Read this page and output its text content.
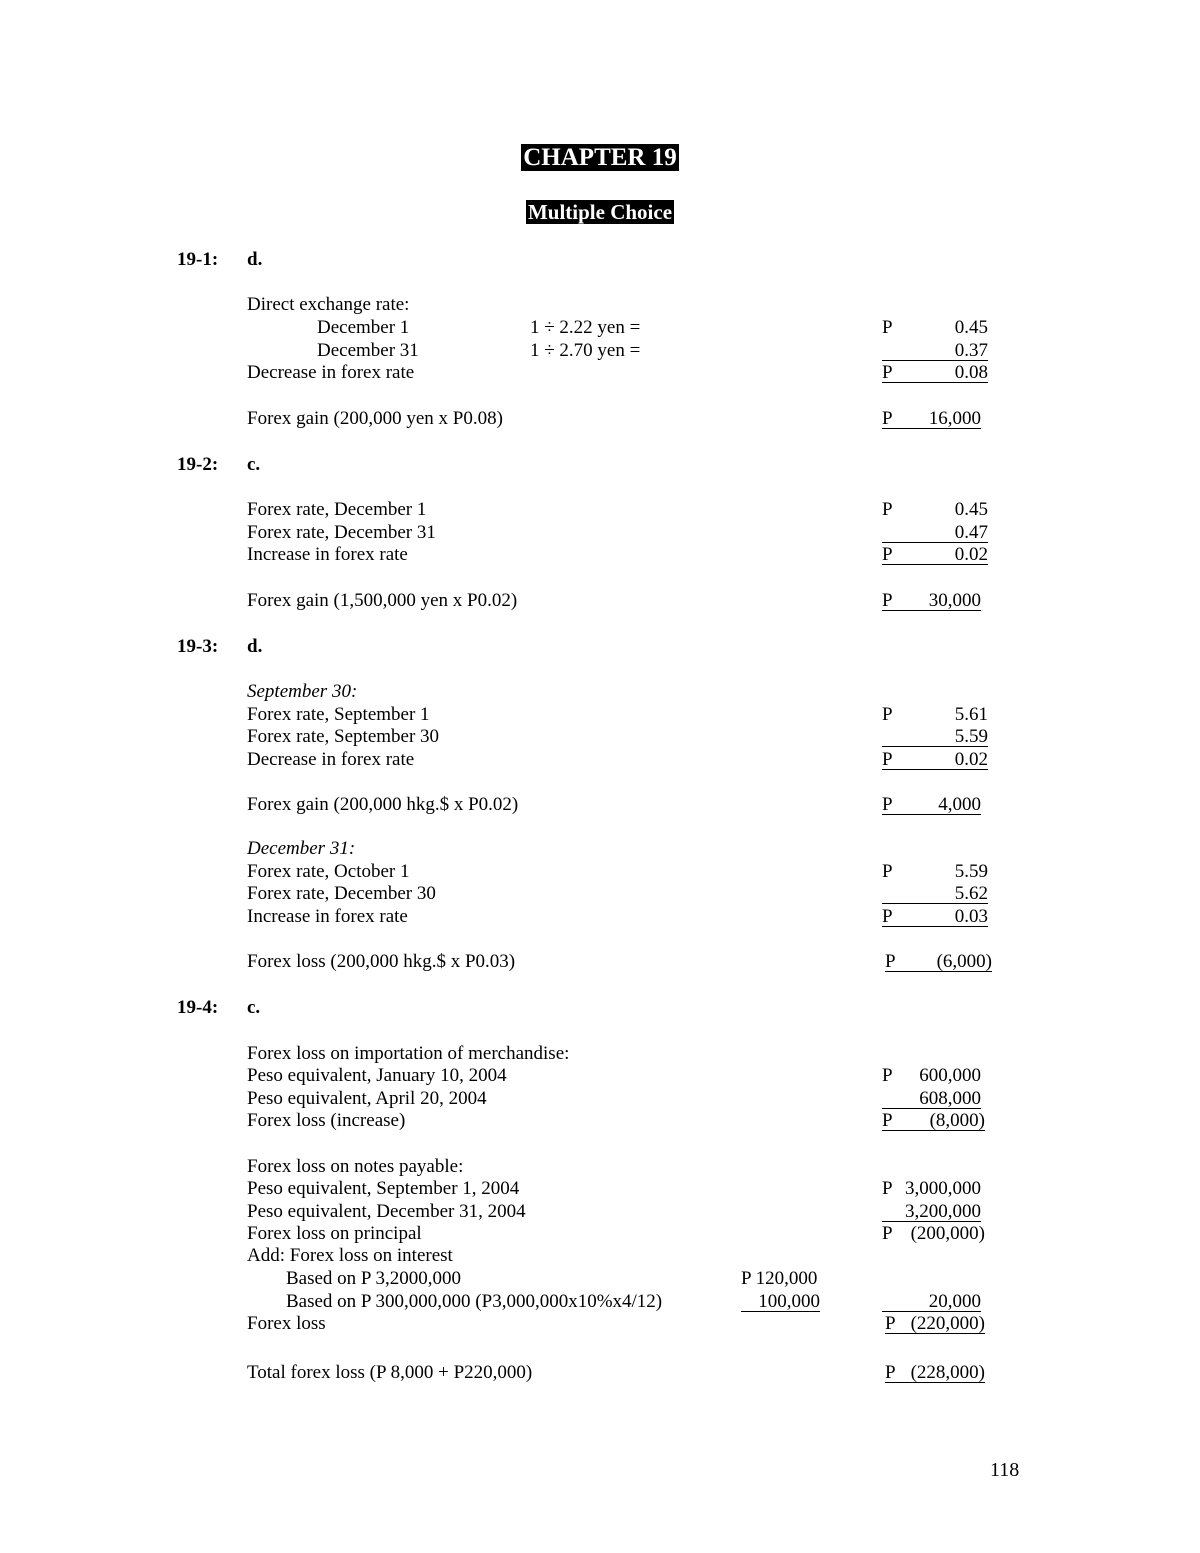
CHAPTER 19
Multiple Choice
19-1: d.
Direct exchange rate:
December 1	1 ÷ 2.22 yen =	P	0.45
December 31	1 ÷ 2.70 yen =	0.37
Decrease in forex rate	P	0.08
Forex gain (200,000 yen x P0.08)	P 16,000
19-2: c.
Forex rate, December 1	P	0.45
Forex rate, December 31	0.47
Increase in forex rate	P	0.02
Forex gain (1,500,000 yen x P0.02)	P 30,000
19-3: d.
September 30:
Forex rate, September 1	P	5.61
Forex rate, September 30	5.59
Decrease in forex rate	P	0.02
Forex gain (200,000 hkg.$ x P0.02)	P 4,000
December 31:
Forex rate, October 1	P	5.59
Forex rate, December 30	5.62
Increase in forex rate	P	0.03
Forex loss (200,000 hkg.$ x P0.03)	P (6,000)
19-4: c.
Forex loss on importation of merchandise:
Peso equivalent, January 10, 2004	P 600,000
Peso equivalent, April 20, 2004	608,000
Forex loss (increase)	P (8,000)
Forex loss on notes payable:
Peso equivalent, September 1, 2004	P 3,000,000
Peso equivalent, December 31, 2004	3,200,000
Forex loss on principal	P (200,000)
Add: Forex loss on interest
Based on P 3,2000,000	P 120,000
Based on P 300,000,000 (P3,000,000x10%x4/12)	100,000	20,000
Forex loss	P (220,000)
Total forex loss (P 8,000 + P220,000)	P (228,000)
118
